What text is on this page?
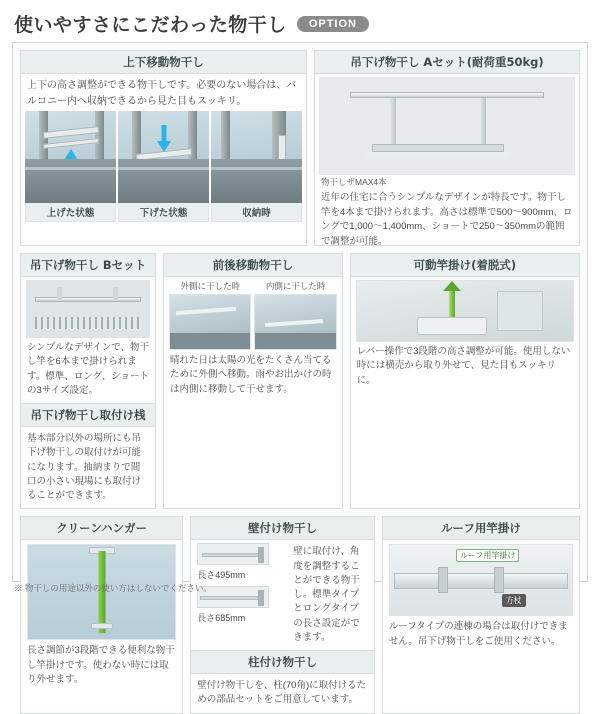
使いやすさにこだわった物干し	OPTION
上下移動物干し
上下の高さ調整ができる物干しです。必要のない場合は、バルコニー内へ収納できるから見た目もスッキリ。
上げた状態	下げた状態	収納時
吊下げ物干し Aセット(耐荷重50kg)
物干しザMAX4本
近年の住宅に合うシンプルなデザインが特長です。物干し竿を4本まで掛けられます。高さは標準で500〜900mm、ロングで1,000〜1,400mm、ショートで250〜350mmの範囲で調整が可能。
吊下げ物干し Bセット
シンプルなデザインで、物干し竿を6本まで掛けられます。標準、ロング、ショートの3サイズ設定。
吊下げ物干し取付け桟
基本部分以外の場所にも吊下げ物干しの取付けが可能になります。抽納まりで間口の小さい現場にも取付けることができます。
前後移動物干し
外側に干した時	内側に干した時
晴れた日は太陽の光をたくさん当てるために外側へ移動。雨やお出かけの時は内側に移動して干せます。
可動竿掛け(着脱式)
レバー操作で3段階の高さ調整が可能。使用しない時には横売から取り外せて、見た目もスッキリに。
クリーンハンガー
長さ調節が3段階できる便利な物干し竿掛けです。使わない時には取り外せます。
壁付け物干し
長さ495mm
長さ685mm
壁に取付け、角度を調整することができる物干し。標準タイプとロングタイプの長さ設定ができます。
柱付け物干し
壁付け物干しを、柱(70角)に取付けるための部品セットをご用意しています。
ルーフ用竿掛け
ルーフ用竿掛け
方杖
ルーフタイプの連棟の場合は取付けできません。吊下げ物干しをご使用ください。
※ 物干しの用途以外の使い方はしないでください。
